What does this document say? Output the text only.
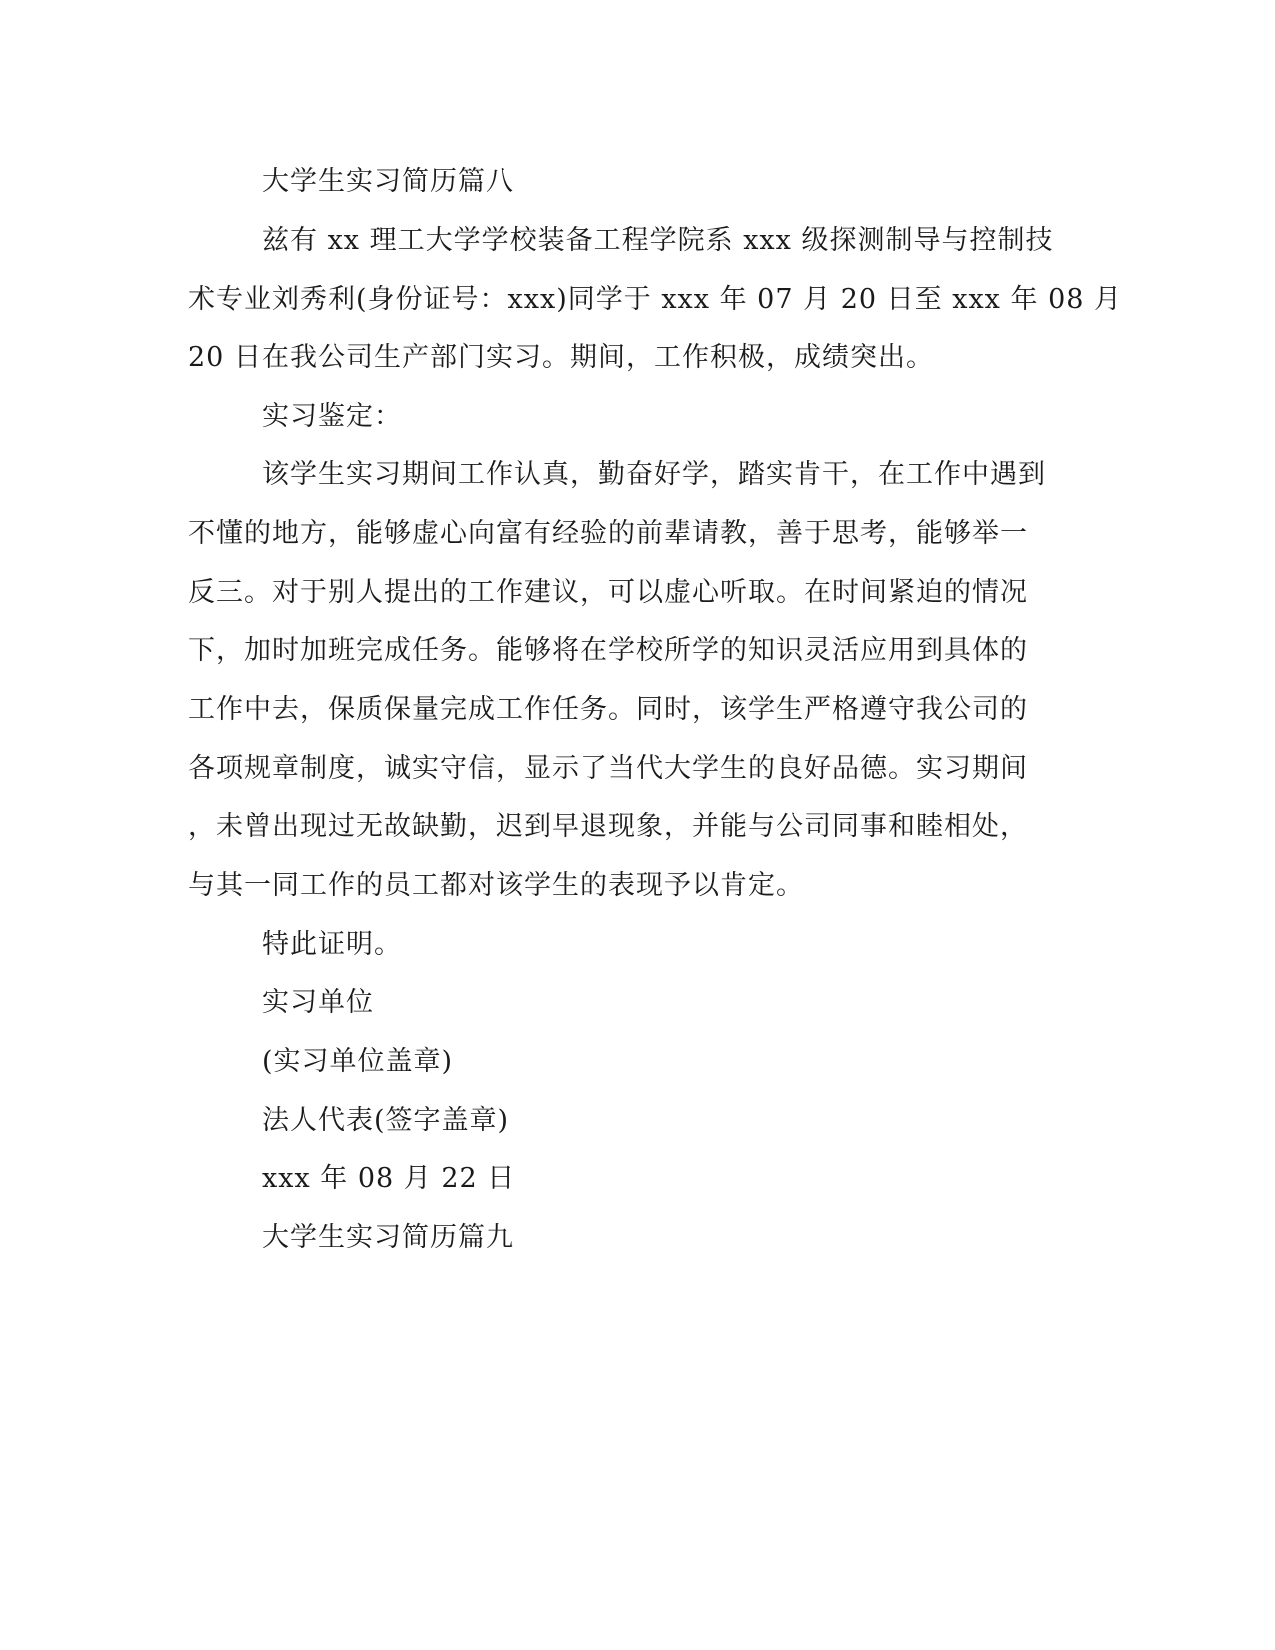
大学生实习简历篇八
兹有 xx 理工大学学校装备工程学院系 xxx 级探测制导与控制技
术专业刘秀利(身份证号：xxx)同学于 xxx 年 07 月 20 日至 xxx 年 08 月
20 日在我公司生产部门实习。期间，工作积极，成绩突出。
实习鉴定：
该学生实习期间工作认真，勤奋好学，踏实肯干，在工作中遇到
不懂的地方，能够虚心向富有经验的前辈请教，善于思考，能够举一
反三。对于别人提出的工作建议，可以虚心听取。在时间紧迫的情况
下，加时加班完成任务。能够将在学校所学的知识灵活应用到具体的
工作中去，保质保量完成工作任务。同时，该学生严格遵守我公司的
各项规章制度，诚实守信，显示了当代大学生的良好品德。实习期间
，未曾出现过无故缺勤，迟到早退现象，并能与公司同事和睦相处，
与其一同工作的员工都对该学生的表现予以肯定。
特此证明。
实习单位
(实习单位盖章)
法人代表(签字盖章)
xxx 年 08 月 22 日
大学生实习简历篇九
